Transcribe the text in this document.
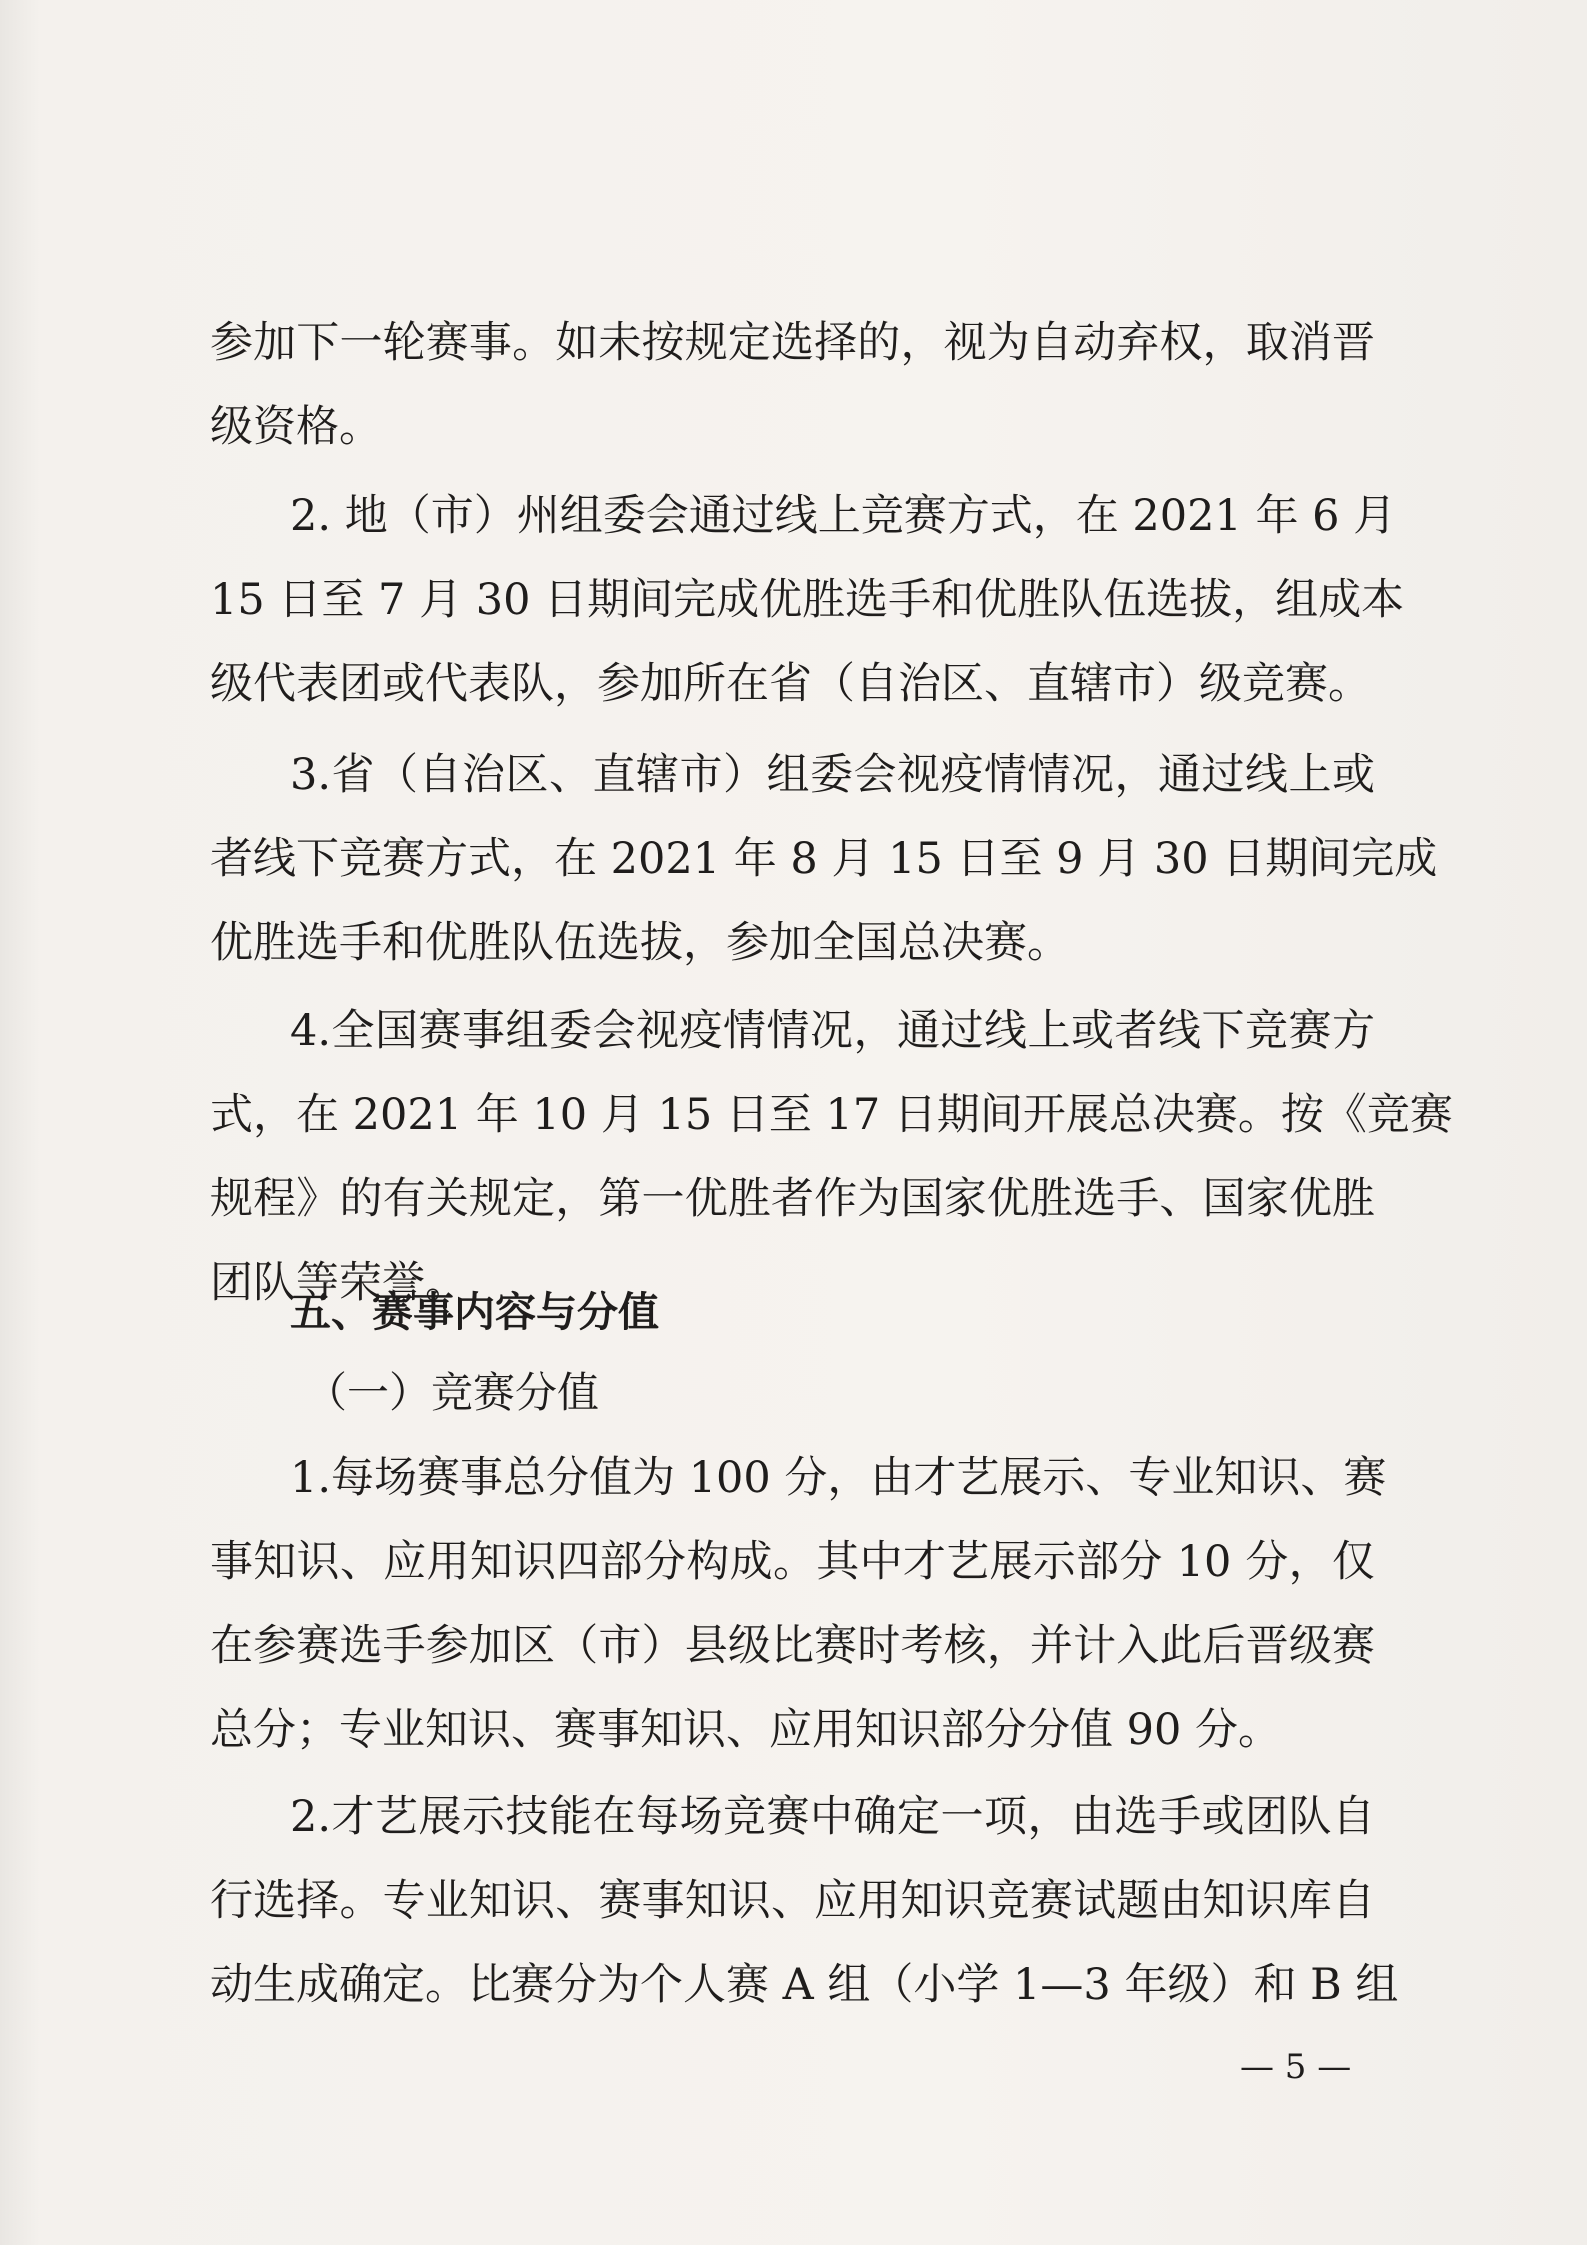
参加下一轮赛事。如未按规定选择的，视为自动弃权，取消晋
级资格。
2. 地（市）州组委会通过线上竞赛方式，在 2021 年 6 月
15 日至 7 月 30 日期间完成优胜选手和优胜队伍选拔，组成本
级代表团或代表队，参加所在省（自治区、直辖市）级竞赛。
3.省（自治区、直辖市）组委会视疫情情况，通过线上或
者线下竞赛方式，在 2021 年 8 月 15 日至 9 月 30 日期间完成
优胜选手和优胜队伍选拔，参加全国总决赛。
4.全国赛事组委会视疫情情况，通过线上或者线下竞赛方
式，在 2021 年 10 月 15 日至 17 日期间开展总决赛。按《竞赛
规程》的有关规定，第一优胜者作为国家优胜选手、国家优胜
团队等荣誉。
五、赛事内容与分值
（一）竞赛分值
1.每场赛事总分值为 100 分，由才艺展示、专业知识、赛
事知识、应用知识四部分构成。其中才艺展示部分 10 分，仅
在参赛选手参加区（市）县级比赛时考核，并计入此后晋级赛
总分；专业知识、赛事知识、应用知识部分分值 90 分。
2.才艺展示技能在每场竞赛中确定一项，由选手或团队自
行选择。专业知识、赛事知识、应用知识竞赛试题由知识库自
动生成确定。比赛分为个人赛 A 组（小学 1—3 年级）和 B 组
— 5 —
